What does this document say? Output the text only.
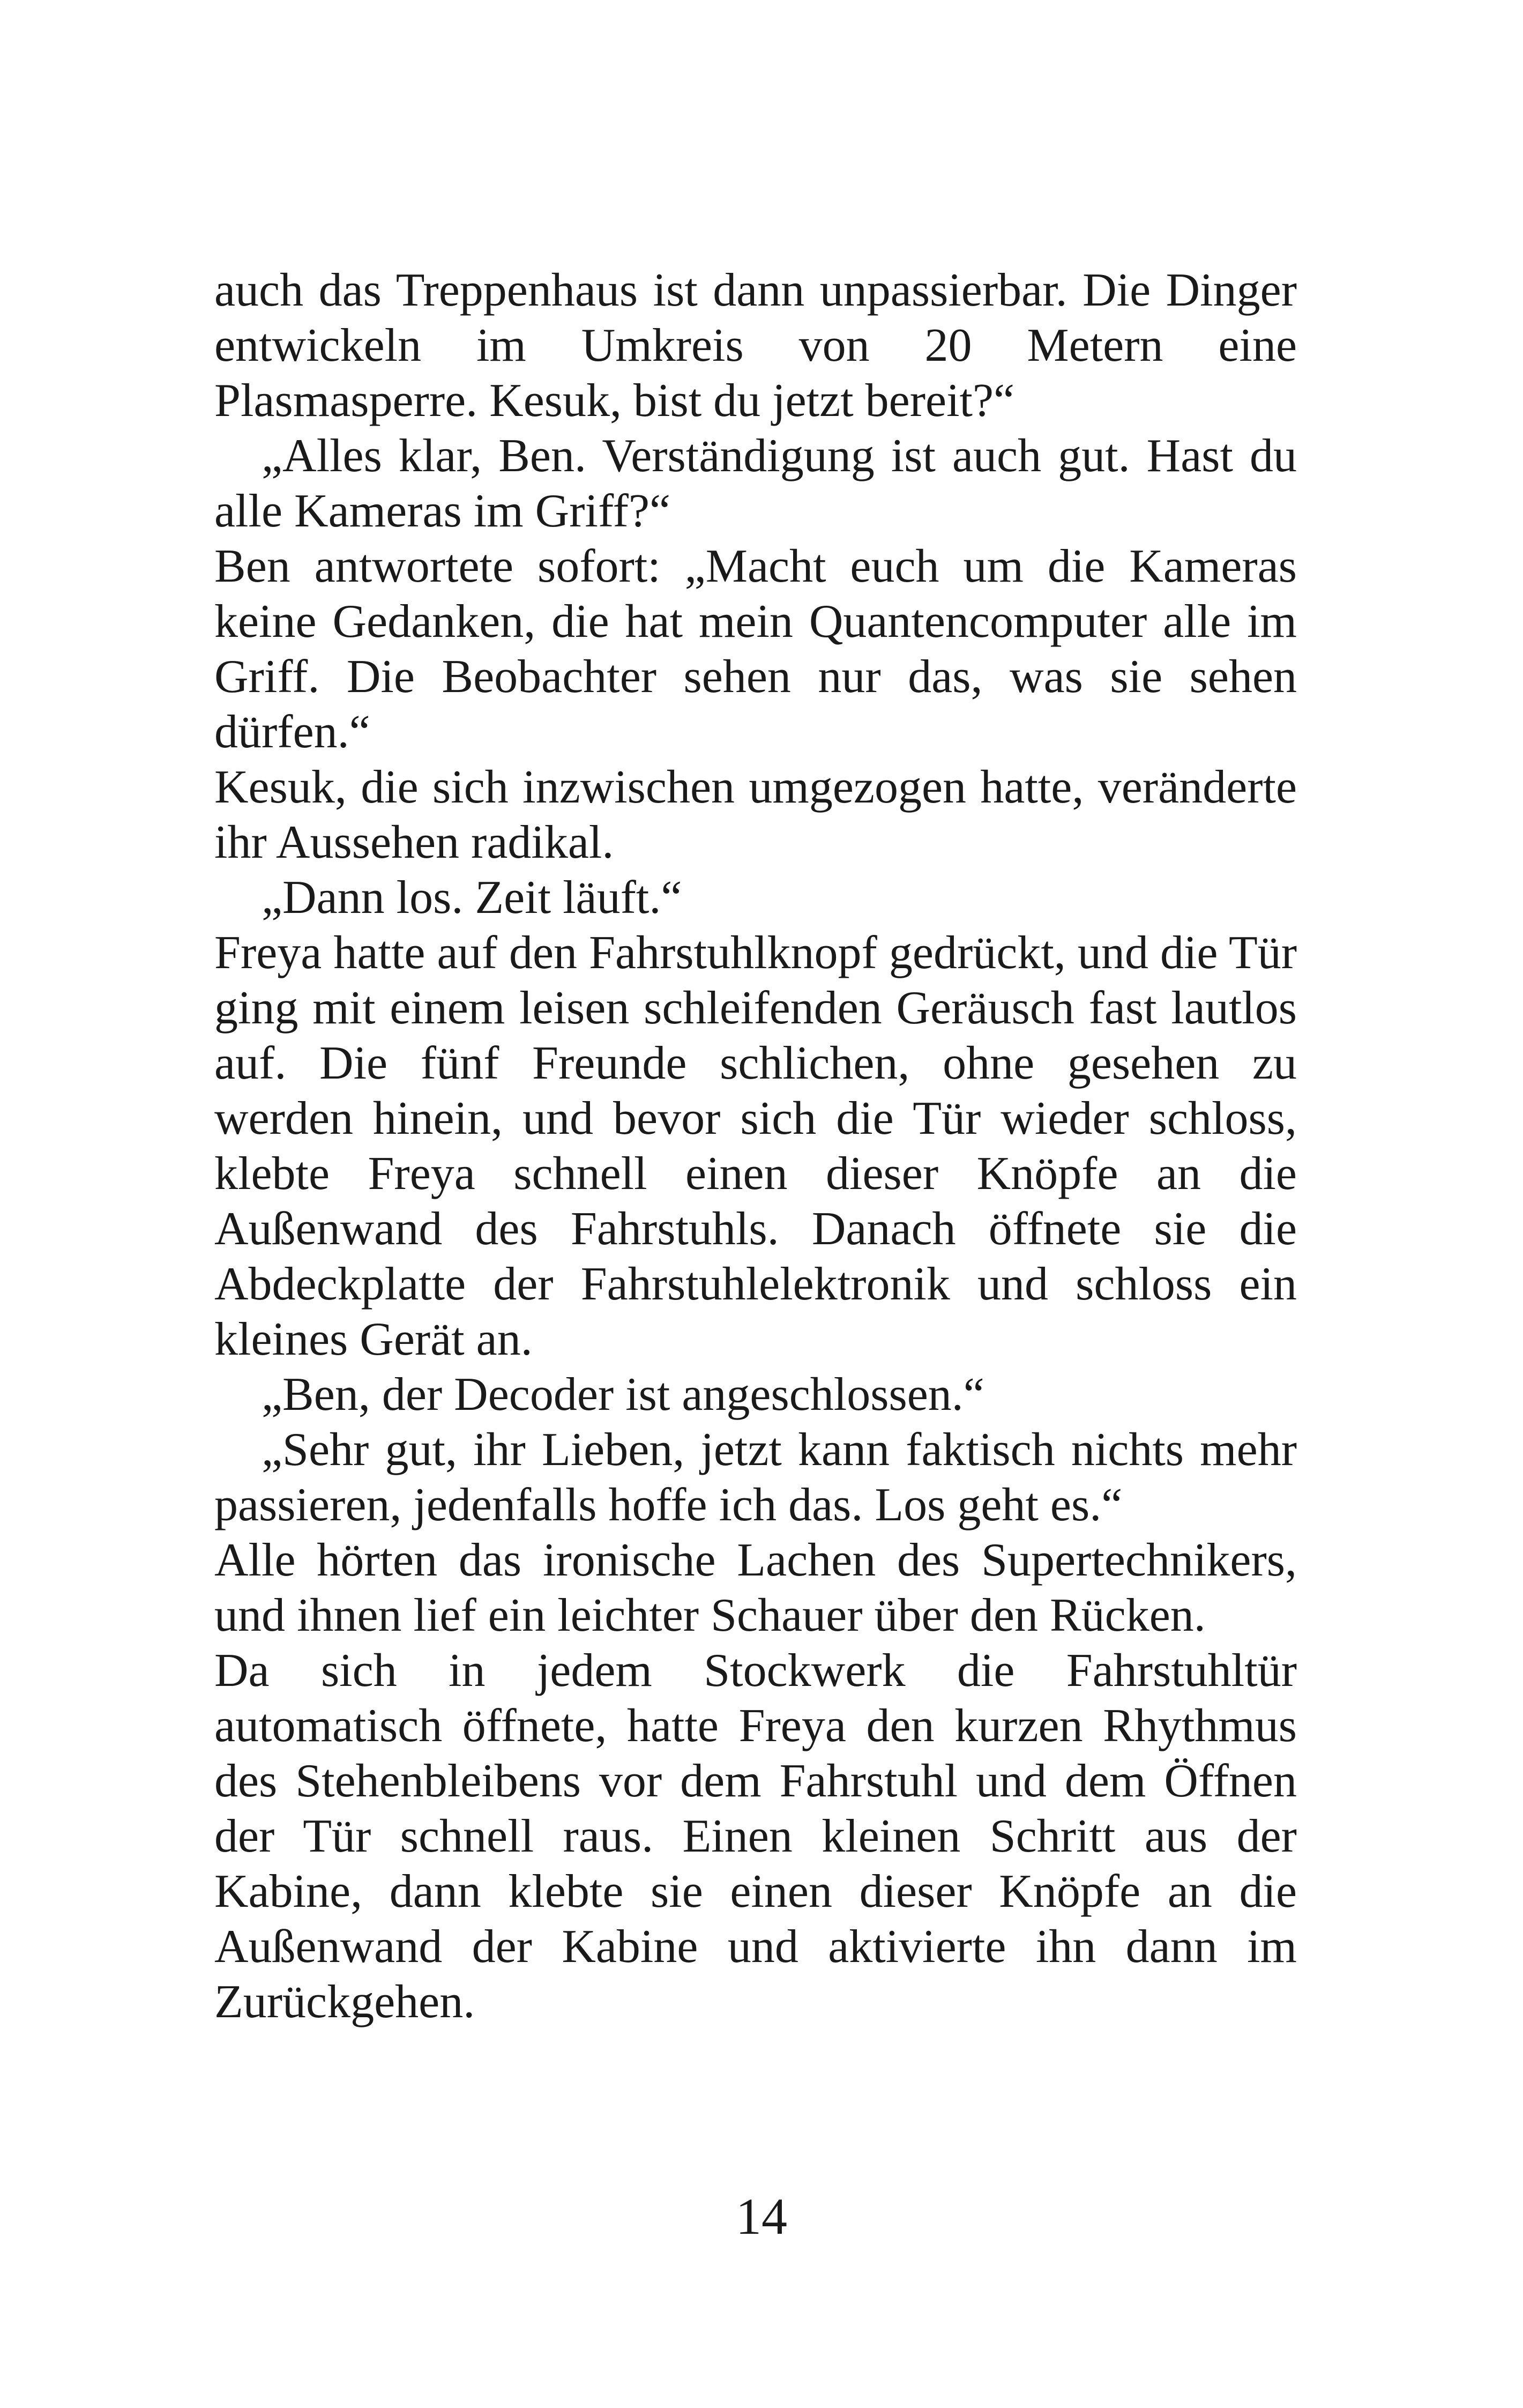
auch das Treppenhaus ist dann unpassierbar. Die Dinger entwickeln im Umkreis von 20 Metern eine Plasmasperre. Kesuk, bist du jetzt bereit?“

„Alles klar, Ben. Verständigung ist auch gut. Hast du alle Kameras im Griff?“

Ben antwortete sofort: „Macht euch um die Kameras keine Gedanken, die hat mein Quantencomputer alle im Griff. Die Beobachter sehen nur das, was sie sehen dürfen.“

Kesuk, die sich inzwischen umgezogen hatte, veränderte ihr Aussehen radikal.

„Dann los. Zeit läuft.“

Freya hatte auf den Fahrstuhlknopf gedrückt, und die Tür ging mit einem leisen schleifenden Geräusch fast lautlos auf. Die fünf Freunde schlichen, ohne gesehen zu werden hinein, und bevor sich die Tür wieder schloss, klebte Freya schnell einen dieser Knöpfe an die Außenwand des Fahrstuhls. Danach öffnete sie die Abdeckplatte der Fahrstuhlelektronik und schloss ein kleines Gerät an.

„Ben, der Decoder ist angeschlossen.“

„Sehr gut, ihr Lieben, jetzt kann faktisch nichts mehr passieren, jedenfalls hoffe ich das. Los geht es.“

Alle hörten das ironische Lachen des Supertechnikers, und ihnen lief ein leichter Schauer über den Rücken.

Da sich in jedem Stockwerk die Fahrstuhltür automatisch öffnete, hatte Freya den kurzen Rhythmus des Stehenbleibens vor dem Fahrstuhl und dem Öffnen der Tür schnell raus. Einen kleinen Schritt aus der Kabine, dann klebte sie einen dieser Knöpfe an die Außenwand der Kabine und aktivierte ihn dann im Zurückgehen.

14
